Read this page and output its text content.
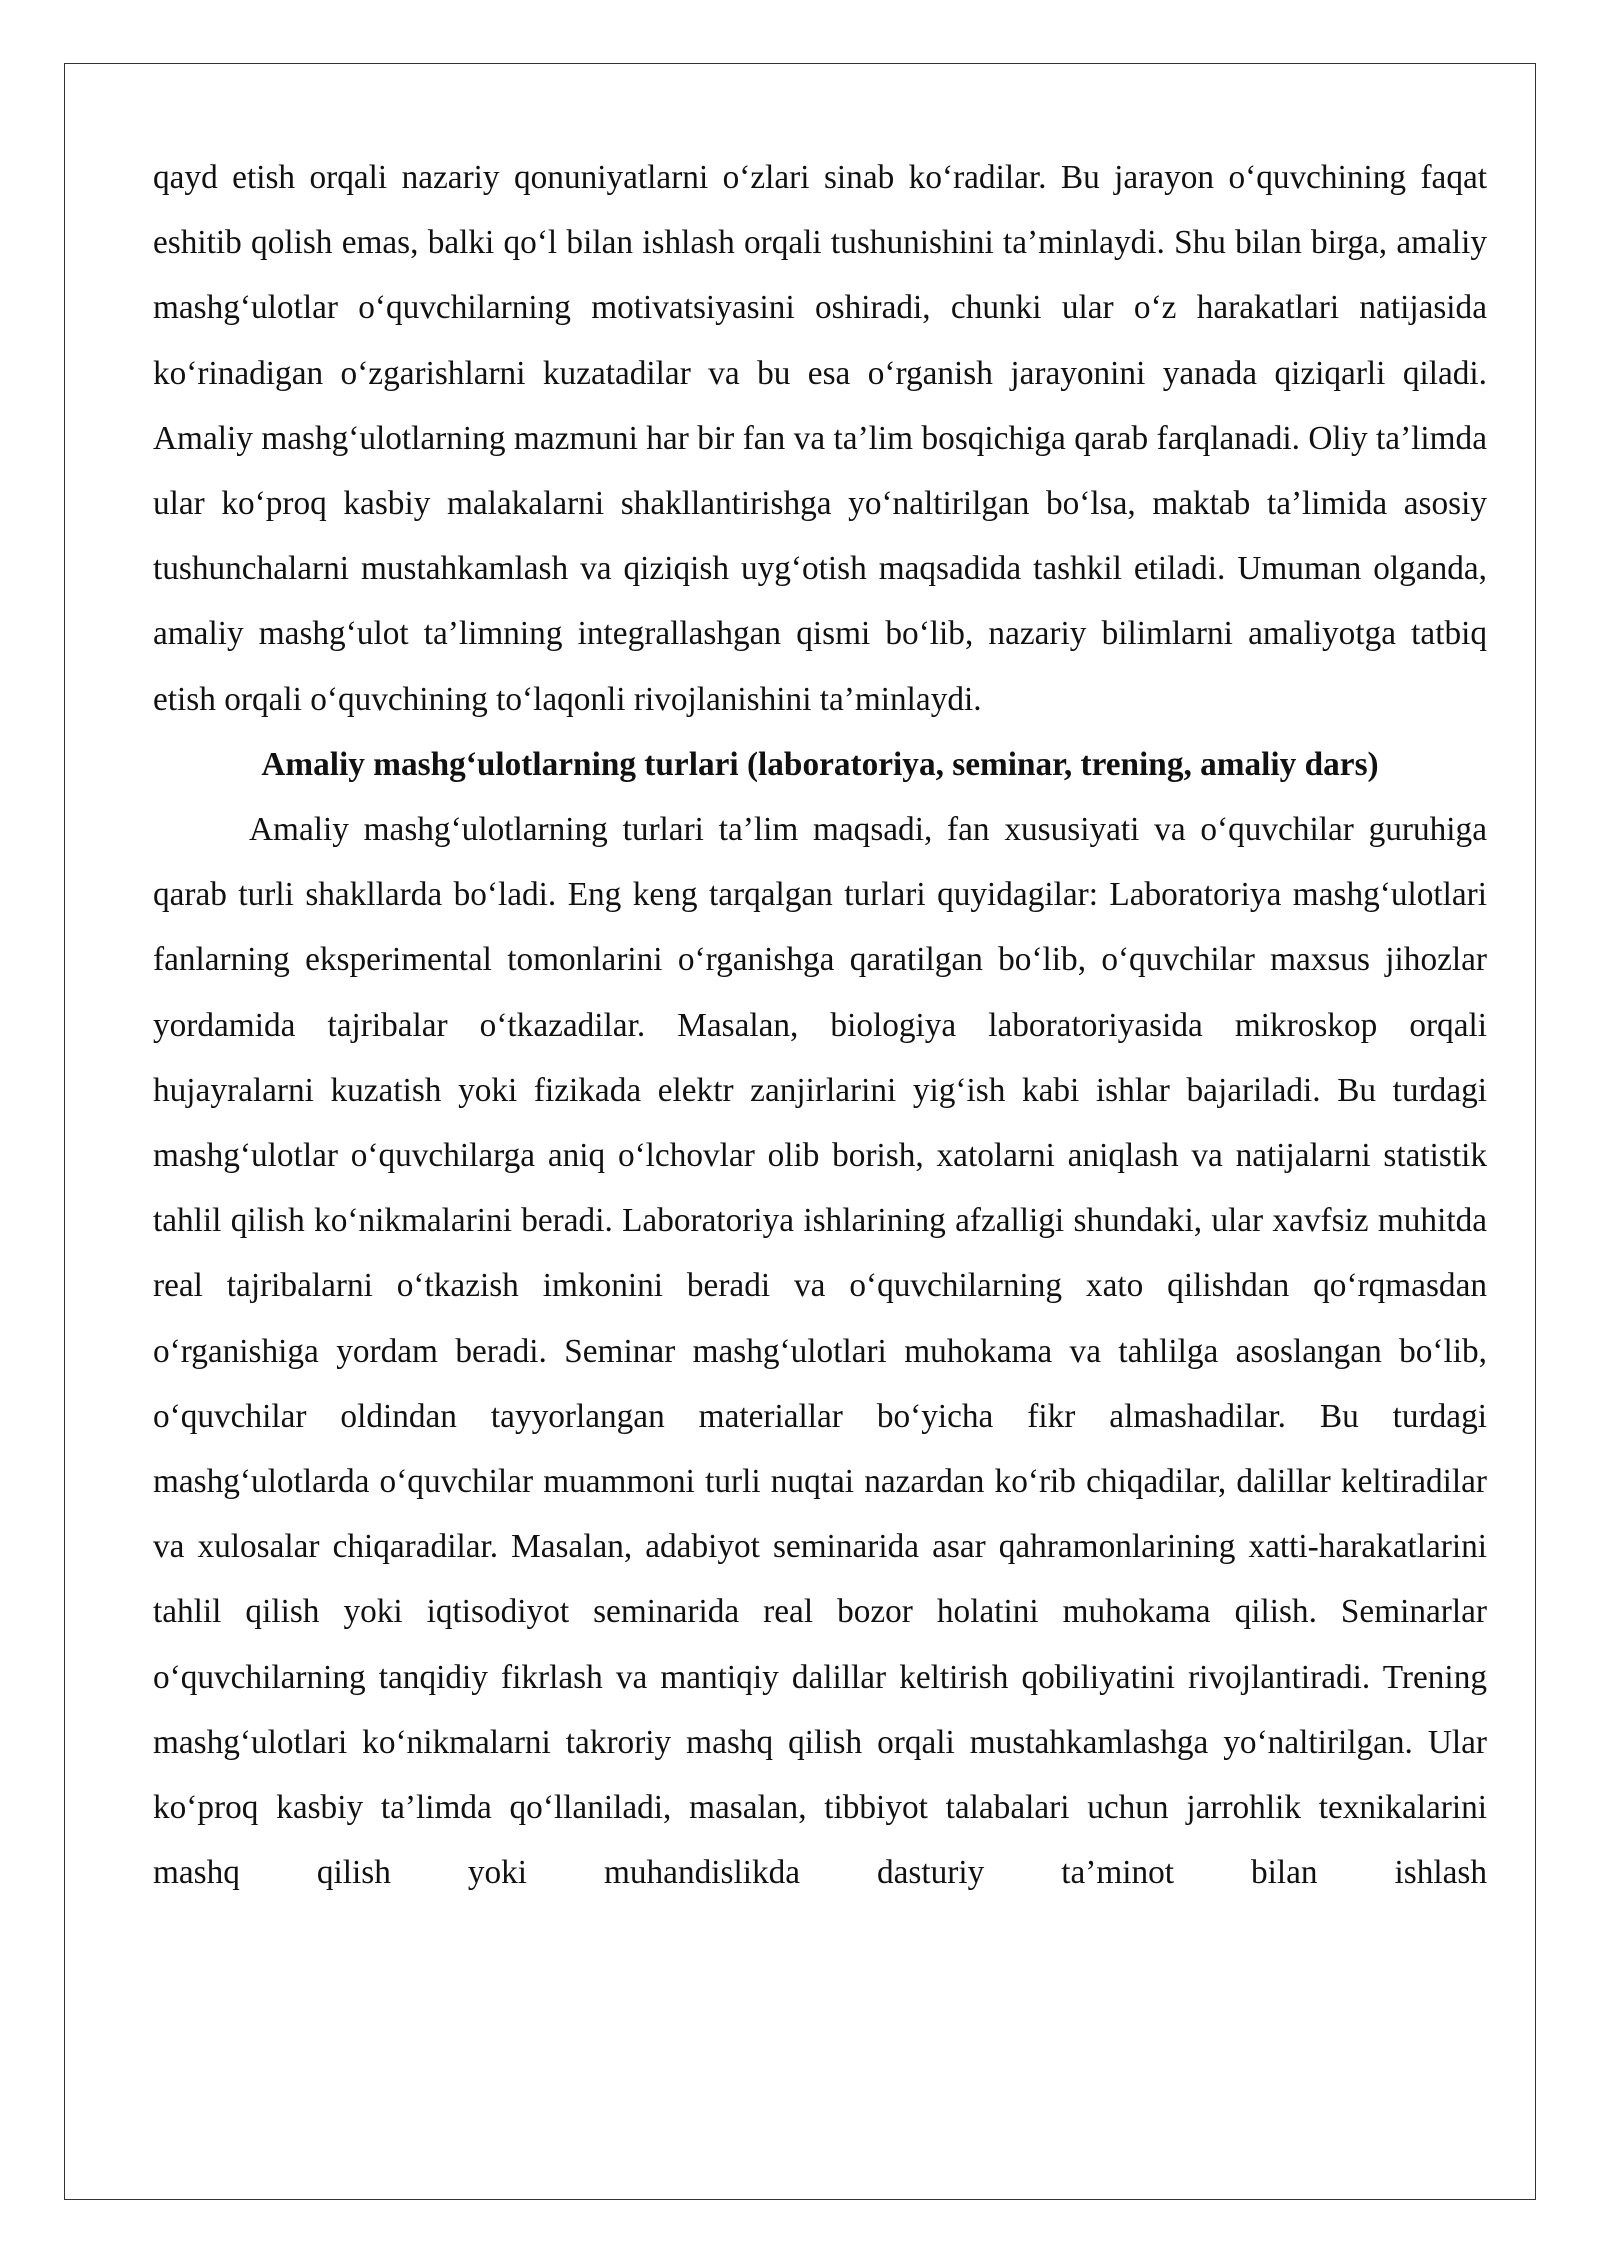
qayd etish orqali nazariy qonuniyatlarni o‘zlari sinab ko‘radilar. Bu jarayon o‘quvchining faqat eshitib qolish emas, balki qo‘l bilan ishlash orqali tushunishini ta’minlaydi. Shu bilan birga, amaliy mashg‘ulotlar o‘quvchilarning motivatsiyasini oshiradi, chunki ular o‘z harakatlari natijasida ko‘rinadigan o‘zgarishlarni kuzatadilar va bu esa o‘rganish jarayonini yanada qiziqarli qiladi. Amaliy mashg‘ulotlarning mazmuni har bir fan va ta’lim bosqichiga qarab farqlanadi. Oliy ta’limda ular ko‘proq kasbiy malakalarni shakllantirishga yo‘naltirilgan bo‘lsa, maktab ta’limida asosiy tushunchalarni mustahkamlash va qiziqish uyg‘otish maqsadida tashkil etiladi. Umuman olganda, amaliy mashg‘ulot ta’limning integrallashgan qismi bo‘lib, nazariy bilimlarni amaliyotga tatbiq etish orqali o‘quvchining to‘laqonli rivojlanishini ta’minlaydi.

Amaliy mashg‘ulotlarning turlari (laboratoriya, seminar, trening, amaliy dars)

Amaliy mashg‘ulotlarning turlari ta’lim maqsadi, fan xususiyati va o‘quvchilar guruhiga qarab turli shakllarda bo‘ladi. Eng keng tarqalgan turlari quyidagilar: Laboratoriya mashg‘ulotlari fanlarning eksperimental tomonlarini o‘rganishga qaratilgan bo‘lib, o‘quvchilar maxsus jihozlar yordamida tajribalar o‘tkazadilar. Masalan, biologiya laboratoriyasida mikroskop orqali hujayralarni kuzatish yoki fizikada elektr zanjirlarini yig‘ish kabi ishlar bajariladi. Bu turdagi mashg‘ulotlar o‘quvchilarga aniq o‘lchovlar olib borish, xatolarni aniqlash va natijalarni statistik tahlil qilish ko‘nikmalarini beradi. Laboratoriya ishlarining afzalligi shundaki, ular xavfsiz muhitda real tajribalarni o‘tkazish imkonini beradi va o‘quvchilarning xato qilishdan qo‘rqmasdan o‘rganishiga yordam beradi. Seminar mashg‘ulotlari muhokama va tahlilga asoslangan bo‘lib, o‘quvchilar oldindan tayyorlangan materiallar bo‘yicha fikr almashadilar. Bu turdagi mashg‘ulotlarda o‘quvchilar muammoni turli nuqtai nazardan ko‘rib chiqadilar, dalillar keltiradilar va xulosalar chiqaradilar. Masalan, adabiyot seminarida asar qahramonlarining xatti-harakatlarini tahlil qilish yoki iqtisodiyot seminarida real bozor holatini muhokama qilish. Seminarlar o‘quvchilarning tanqidiy fikrlash va mantiqiy dalillar keltirish qobiliyatini rivojlantiradi. Trening mashg‘ulotlari ko‘nikmalarni takroriy mashq qilish orqali mustahkamlashga yo‘naltirilgan. Ular ko‘proq kasbiy ta’limda qo‘llaniladi, masalan, tibbiyot talabalari uchun jarrohlik texnikalarini mashq qilish yoki muhandislikda dasturiy ta’minot bilan ishlash
